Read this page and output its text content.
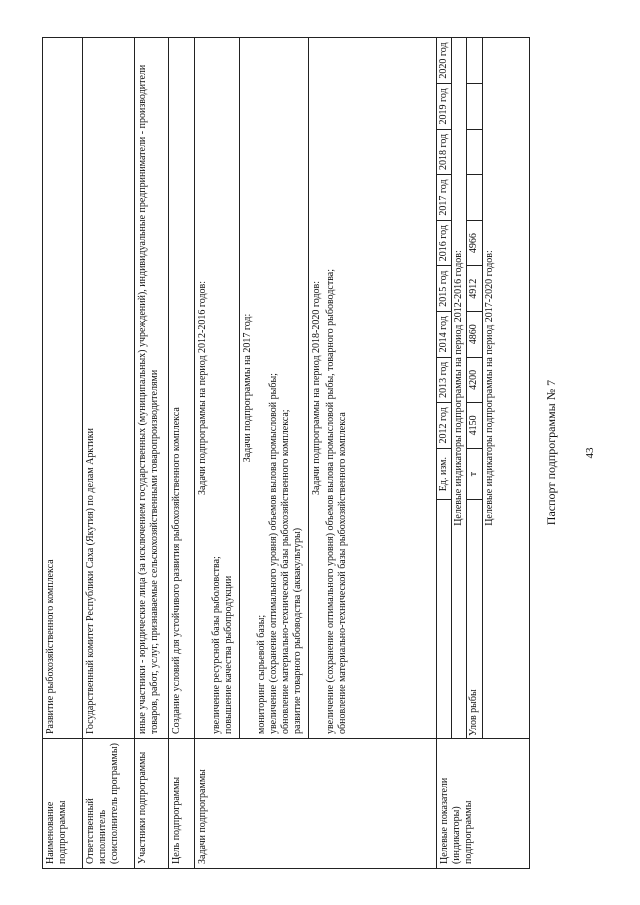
43
Паспорт подпрограммы № 7
Наименование подпрограммы	Развитие рыбохозяйственного комплекса
Ответственный исполнитель (соисполнитель программы)	Государственный комитет Республики Саха (Якутия) по делам Арктики
Участники подпрограммы	иные участники - юридические лица (за исключением государственных (муниципальных) учреждений), индивидуальные предприниматели - производители товаров, работ, услуг, признаваемые сельскохозяйственными товаропроизводителями
Цель подпрограммы	Создание условий для устойчивого развития рыбохозяйственного комплекса
Задачи подпрограммы	
Задачи подпрограммы на период 2012-2016 годов:
увеличение ресурсной базы рыболовства; повышение качества рыбопродукции
Задачи подпрограммы на 2017 год:
мониторинг сырьевой базы; увеличение (сохранение оптимального уровня) объемов вылова промысловой рыбы; обновление материально-технической базы рыбохозяйственного комплекса; развитие товарного рыбоводства (аквакультуры)
Задачи подпрограммы на период 2018-2020 годов: увеличение (сохранение оптимального уровня) объемов вылова промысловой рыбы, товарного рыбоводства; обновление материально-технической базы рыбохозяйственного комплекса

Целевые показатели (индикаторы) подпрограммы	
	Ед. изм.	2012 год	2013 год	2014 год	2015 год	2016 год	2017 год	2018 год	2019 год	2020 год
Целевые индикаторы подпрограммы на период 2012-2016 годов:
Улов рыбы	т	4150	4200	4860	4912	4966				
Целевые индикаторы подпрограммы на период 2017-2020 годов:
